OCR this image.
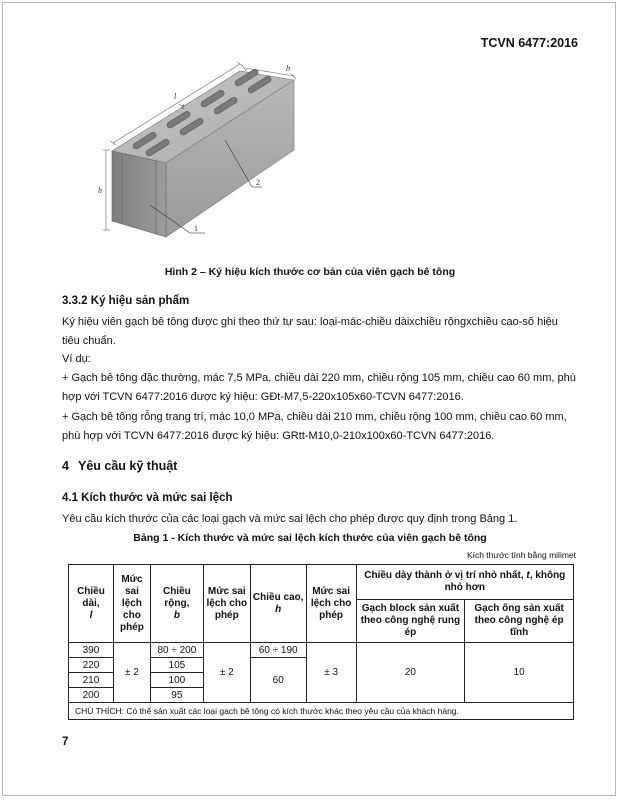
TCVN 6477:2016
l
t
b
h
1
2
Hình 2 – Ký hiệu kích thước cơ bản của viên gạch bê tông
3.3.2 Ký hiệu sản phẩm
Ký hiệu viên gạch bê tông được ghi theo thứ tự sau: loại-mác-chiều dàixchiều rộngxchiều cao-số hiệu tiêu chuẩn.
Ví dụ:
+ Gạch bê tông đặc thường, mác 7,5 MPa, chiều dài 220 mm, chiều rộng 105 mm, chiều cao 60 mm, phù hợp với TCVN 6477:2016 được ký hiệu: GĐt-M7,5-220x105x60-TCVN 6477:2016.
+ Gạch bê tông rỗng trang trí, mác 10,0 MPa, chiều dài 210 mm, chiều rộng 100 mm, chiều cao 60 mm, phù hợp với TCVN 6477:2016 được ký hiệu: GRtt-M10,0-210x100x60-TCVN 6477:2016.
4 Yêu cầu kỹ thuật
4.1 Kích thước và mức sai lệch
Yêu cầu kích thước của các loại gạch và mức sai lệch cho phép được quy định trong Bảng 1.
Bảng 1 - Kích thước và mức sai lệch kích thước của viên gạch bê tông
Kích thước tính bằng milimet
Chiều dài,
l	Mức sai lệch cho phép	Chiều rộng,
b	Mức sai lệch cho phép	Chiều cao,
h	Mức sai lệch cho phép	Chiều dày thành ở vị trí nhỏ nhất, t, không nhỏ hơn	
						Gạch block sản xuất theo công nghệ rung ép	Gạch ống sản xuất theo công nghệ ép tĩnh
390	± 2	80 ÷ 200	± 2	60 ÷ 190	± 3	20	10
220		105		60			
210		100					
200		95					
CHÚ THÍCH: Có thể sản xuất các loại gạch bê tông có kích thước khác theo yêu cầu của khách hàng.							
7
